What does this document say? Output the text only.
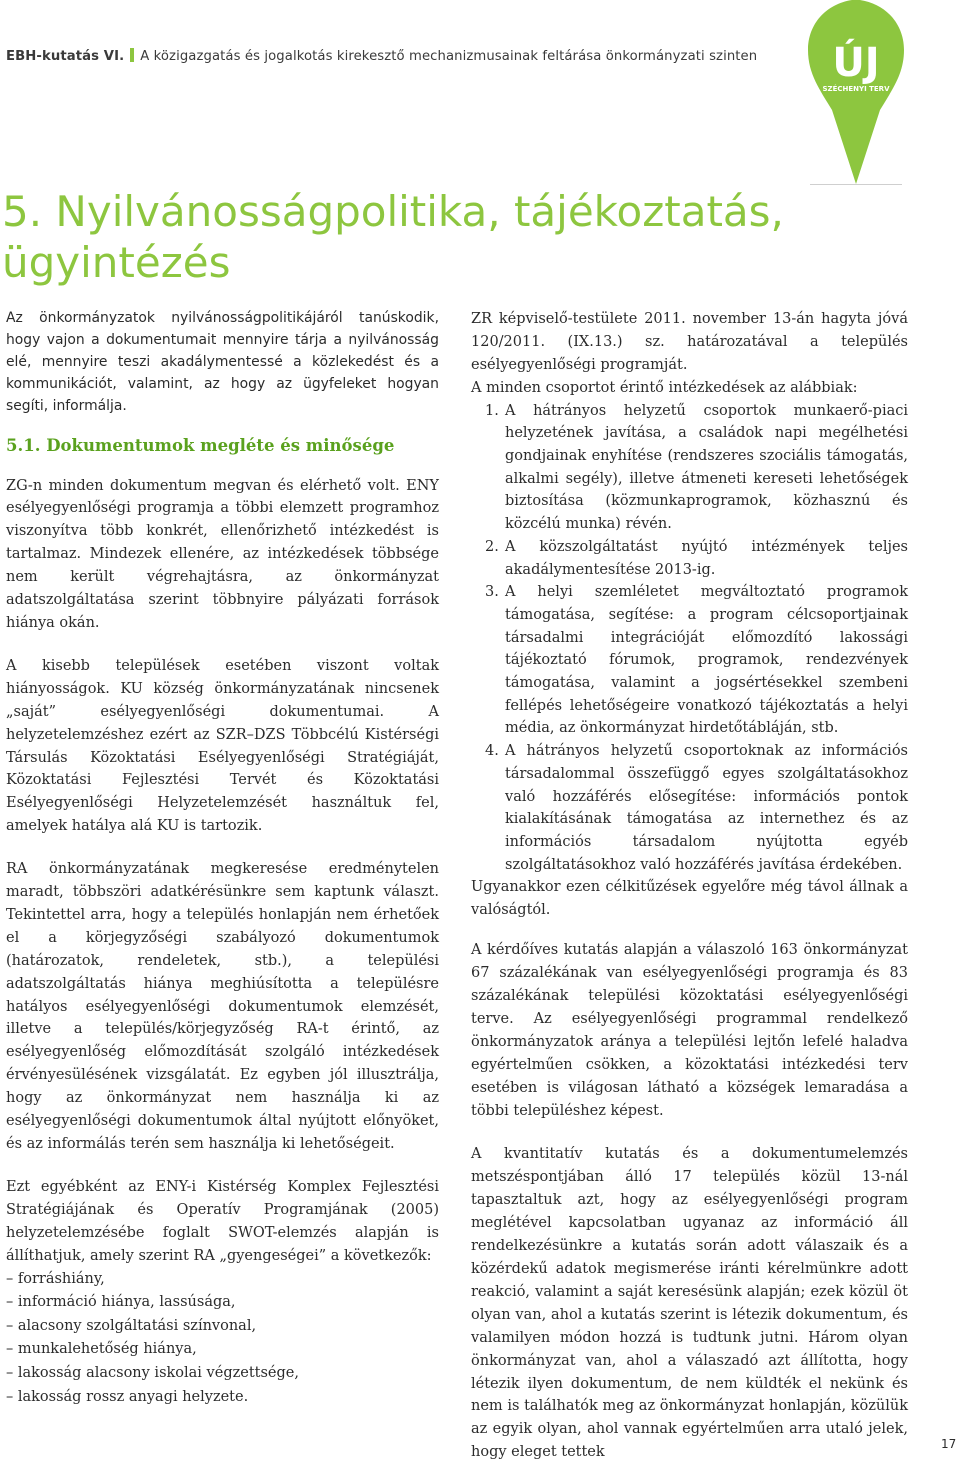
EBH-kutatás VI. A közigazgatás és jogalkotás kirekesztő mechanizmusainak feltárása önkormányzati szinten ÚJ
SZÉCHENYI TERV
5. Nyilvánosságpolitika, tájékoztatás, ügyintézés

Az önkormányzatok nyilvánosságpolitikájáról tanúskodik, hogy vajon a dokumentumait mennyire tárja a nyilvánosság elé, mennyire teszi akadálymentessé a közlekedést és a kommunikációt, valamint, az hogy az ügyfeleket hogyan segíti, informálja.

5.1. Dokumentumok megléte és minősége

ZG-n minden dokumentum megvan és elérhető volt. ENY esélyegyenlőségi programja a többi elemzett programhoz viszonyítva több konkrét, ellenőrizhető intézkedést is tartalmaz. Mindezek ellenére, az intézkedések többsége nem került végrehajtásra, az önkormányzat adatszolgáltatása szerint többnyire pályázati források hiánya okán.

A kisebb települések esetében viszont voltak hiányosságok. KU község önkormányzatának nincsenek „saját” esélyegyenlőségi dokumentumai. A helyzetelemzéshez ezért az SZR–DZS Többcélú Kistérségi Társulás Közoktatási Esélyegyenlőségi Stratégiáját, Közoktatási Fejlesztési Tervét és Közoktatási Esélyegyenlőségi Helyzetelemzését használtuk fel, amelyek hatálya alá KU is tartozik.

RA önkormányzatának megkeresése eredménytelen maradt, többszöri adatkérésünkre sem kaptunk választ. Tekintettel arra, hogy a település honlapján nem érhetőek el a körjegyzőségi szabályozó dokumentumok (határozatok, rendeletek, stb.), a települési adatszolgáltatás hiánya meghiúsította a településre hatályos esélyegyenlőségi dokumentumok elemzését, illetve a település/körjegyzőség RA-t érintő, az esélyegyenlőség előmozdítását szolgáló intézkedések érvényesülésének vizsgálatát. Ez egyben jól illusztrálja, hogy az önkormányzat nem használja ki az esélyegyenlőségi dokumentumok által nyújtott előnyöket, és az informálás terén sem használja ki lehetőségeit.

Ezt egyébként az ENY-i Kistérség Komplex Fejlesztési Stratégiájának és Operatív Programjának (2005) helyzetelemzésébe foglalt SWOT-elemzés alapján is állíthatjuk, amely szerint RA „gyengeségei” a következők:

– forráshiány,
– információ hiánya, lassúsága,
– alacsony szolgáltatási színvonal,
– munkalehetőség hiánya,
– lakosság alacsony iskolai végzettsége,
– lakosság rossz anyagi helyzete.

ZR képviselő-testülete 2011. november 13-án hagyta jóvá 120/2011. (IX.13.) sz. határozatával a település esélyegyenlőségi programját.

A minden csoportot érintő intézkedések az alábbiak:

1. A hátrányos helyzetű csoportok munkaerő-piaci helyzetének javítása, a családok napi megélhetési gondjainak enyhítése (rendszeres szociális támogatás, alkalmi segély), illetve átmeneti kereseti lehetőségek biztosítása (közmunkaprogramok, közhasznú és közcélú munka) révén.
2. A közszolgáltatást nyújtó intézmények teljes akadálymentesítése 2013-ig.
3. A helyi szemléletet megváltoztató programok támogatása, segítése: a program célcsoportjainak társadalmi integrációját előmozdító lakossági tájékoztató fórumok, programok, rendezvények támogatása, valamint a jogsértésekkel szembeni fellépés lehetőségeire vonatkozó tájékoztatás a helyi média, az önkormányzat hirdetőtábláján, stb.
4. A hátrányos helyzetű csoportoknak az információs társadalommal összefüggő egyes szolgáltatásokhoz való hozzáférés elősegítése: információs pontok kialakításának támogatása az internethez és az információs társadalom nyújtotta egyéb szolgáltatásokhoz való hozzáférés javítása érdekében.

Ugyanakkor ezen célkitűzések egyelőre még távol állnak a valóságtól.

A kérdőíves kutatás alapján a válaszoló 163 önkormányzat 67 százalékának van esélyegyenlőségi programja és 83 százalékának települési közoktatási esélyegyenlőségi terve. Az esélyegyenlőségi programmal rendelkező önkormányzatok aránya a települési lejtőn lefelé haladva egyértelműen csökken, a közoktatási intézkedési terv esetében is világosan látható a községek lemaradása a többi településhez képest.

A kvantitatív kutatás és a dokumentumelemzés metszéspontjában álló 17 település közül 13-nál tapasztaltuk azt, hogy az esélyegyenlőségi program meglétével kapcsolatban ugyanaz az információ áll rendelkezésünkre a kutatás során adott válaszaik és a közérdekű adatok megismerése iránti kérelmünkre adott reakció, valamint a saját keresésünk alapján; ezek közül öt olyan van, ahol a kutatás szerint is létezik dokumentum, és valamilyen módon hozzá is tudtunk jutni. Három olyan önkormányzat van, ahol a válaszadó azt állította, hogy létezik ilyen dokumentum, de nem küldték el nekünk és nem is találhatók meg az önkormányzat honlapján, közülük az egyik olyan, ahol vannak egyértelműen arra utaló jelek, hogy eleget tettek

17
